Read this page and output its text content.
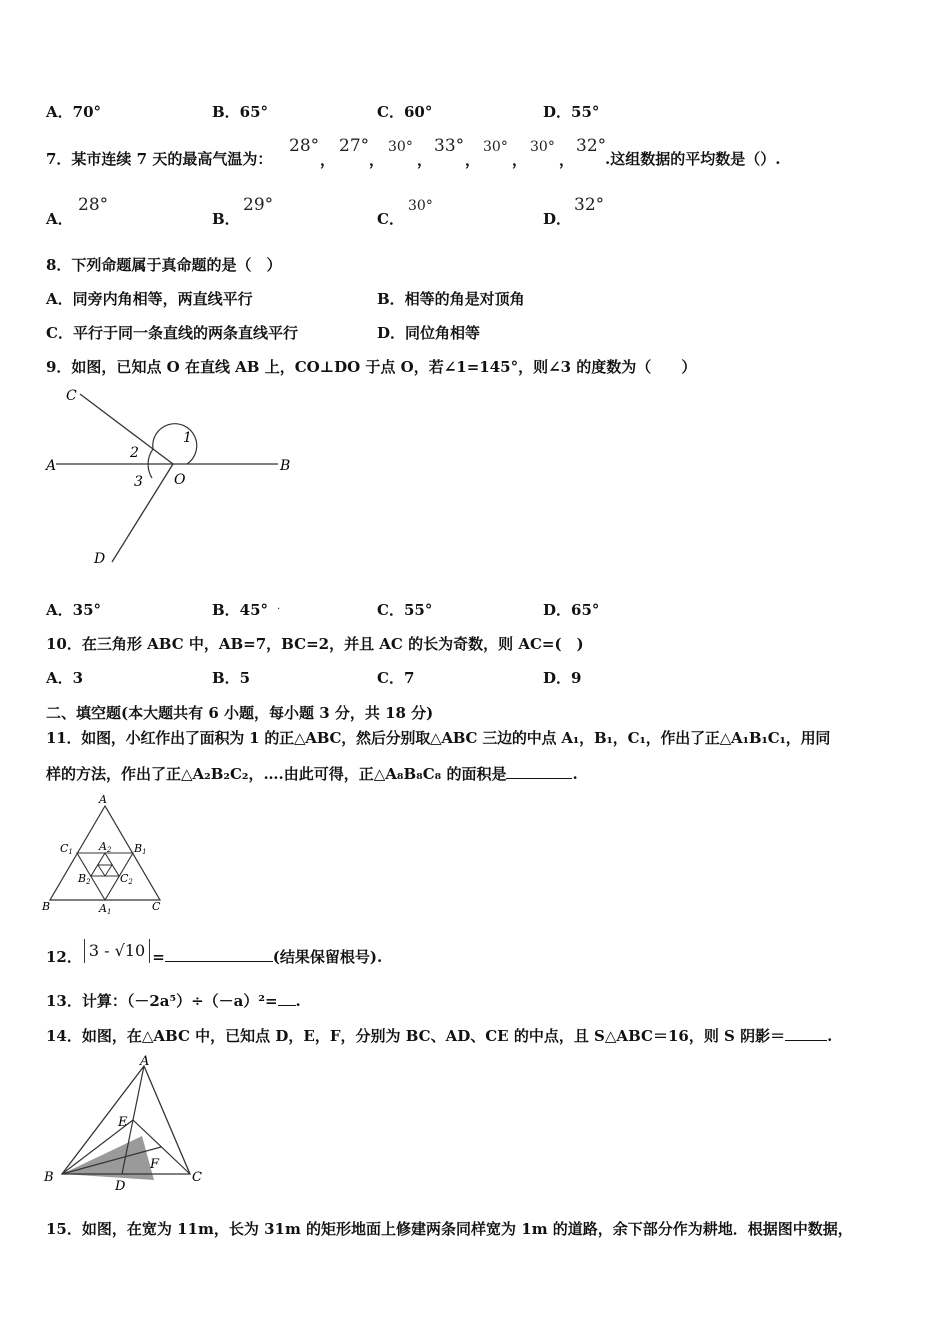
A．70°	B．65°	C．60°	D．55°
7．某市连续 7 天的最高气温为：
28°
，
27°
，
30°
，
33°
，
30°
，
30°
，
32°
.这组数据的平均数是（）.
A．
28°
B．
29°
C．
30°
D．
32°
8．下列命题属于真命题的是（　）
A．同旁内角相等，两直线平行	B．相等的角是对顶角
C．平行于同一条直线的两条直线平行	D．同位角相等
9．如图，已知点 O 在直线 AB 上，CO⊥DO 于点 O，若∠1=145°，则∠3 的度数为（　　）
C
A	B
O
D
1
2
3
A．35°	B．45° ·	C．55°	D．65°
10．在三角形 ABC 中，AB=7，BC=2，并且 AC 的长为奇数，则 AC=(　)
A．3	B．5	C．7	D．9
二、填空题(本大题共有 6 小题，每小题 3 分，共 18 分)
11．如图，小红作出了面积为 1 的正△ABC，然后分别取△ABC 三边的中点 A₁，B₁，C₁，作出了正△A₁B₁C₁，用同
样的方法，作出了正△A₂B₂C₂，….由此可得，正△A₈B₈C₈ 的面积是	.
A
B	C
C1	B1
A1
A2
B2	C2
12． 3 - √10 =	(结果保留根号).
13．计算：（－2a⁵）÷（－a）²= .
14．如图，在△ABC 中，已知点 D，E，F，分别为 BC、AD、CE 的中点，且 S△ABC＝16，则 S 阴影＝	.
A
B	C
D
E
F
15．如图，在宽为 11m，长为 31m 的矩形地面上修建两条同样宽为 1m 的道路，余下部分作为耕地．根据图中数据，
